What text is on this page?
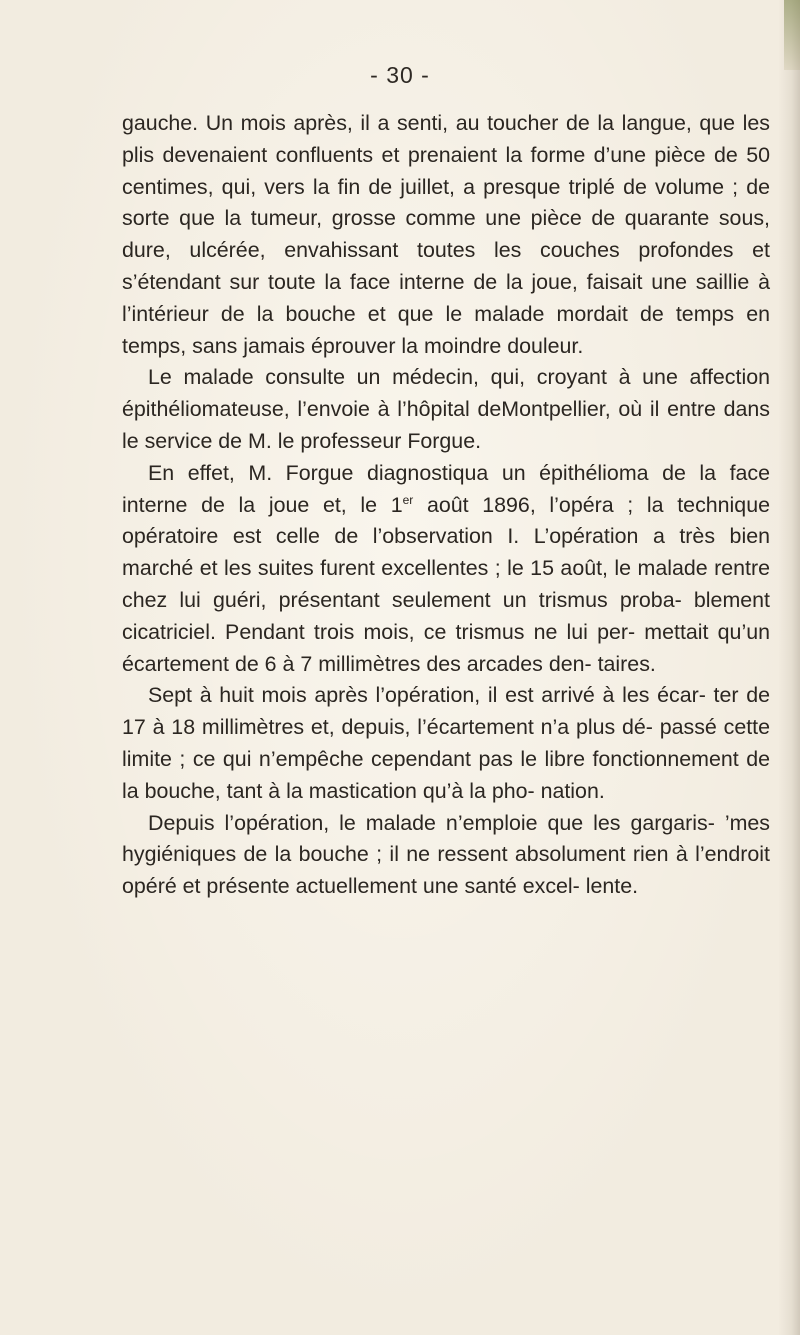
- 30 -

gauche. Un mois après, il a senti, au toucher de la langue, que les plis devenaient confluents et prenaient la forme d’une pièce de 50 centimes, qui, vers la fin de juillet, a presque triplé de volume ; de sorte que la tumeur, grosse comme une pièce de quarante sous, dure, ulcérée, envahissant toutes les couches profondes et s’étendant sur toute la face interne de la joue, faisait une saillie à l’intérieur de la bouche et que le malade mordait de temps en temps, sans jamais éprouver la moindre douleur.

Le malade consulte un médecin, qui, croyant à une affection épithéliomateuse, l’envoie à l’hôpital deMontpellier, où il entre dans le service de M. le professeur Forgue.

En effet, M. Forgue diagnostiqua un épithélioma de la face interne de la joue et, le 1er août 1896, l’opéra ; la technique opératoire est celle de l’observation I. L’opération a très bien marché et les suites furent excellentes ; le 15 août, le malade rentre chez lui guéri, présentant seulement un trismus proba- blement cicatriciel. Pendant trois mois, ce trismus ne lui per- mettait qu’un écartement de 6 à 7 millimètres des arcades den- taires.

Sept à huit mois après l’opération, il est arrivé à les écar- ter de 17 à 18 millimètres et, depuis, l’écartement n’a plus dé- passé cette limite ; ce qui n’empêche cependant pas le libre fonctionnement de la bouche, tant à la mastication qu’à la pho- nation.

Depuis l’opération, le malade n’emploie que les gargaris- ’mes hygiéniques de la bouche ; il ne ressent absolument rien à l’endroit opéré et présente actuellement une santé excel- lente.
